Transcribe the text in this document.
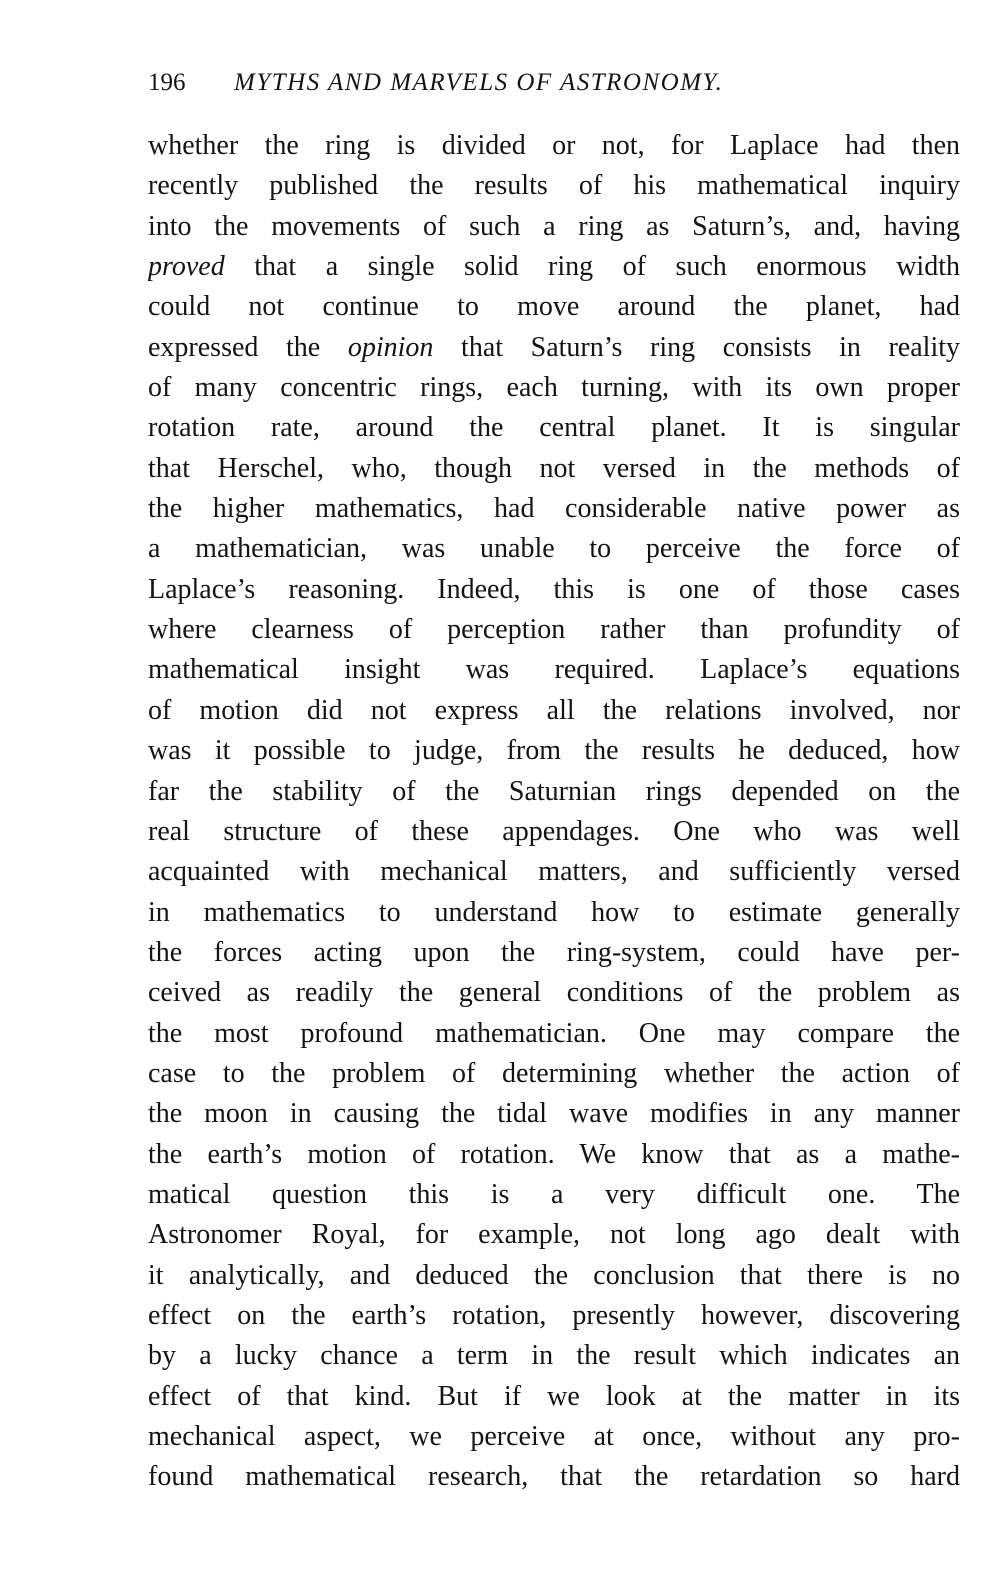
196 MYTHS AND MARVELS OF ASTRONOMY.
whether the ring is divided or not, for Laplace had then
recently published the results of his mathematical inquiry
into the movements of such a ring as Saturn’s, and, having
proved that a single solid ring of such enormous width
could not continue to move around the planet, had
expressed the opinion that Saturn’s ring consists in reality
of many concentric rings, each turning, with its own proper
rotation rate, around the central planet. It is singular
that Herschel, who, though not versed in the methods of
the higher mathematics, had considerable native power as
a mathematician, was unable to perceive the force of
Laplace’s reasoning. Indeed, this is one of those cases
where clearness of perception rather than profundity of
mathematical insight was required. Laplace’s equations
of motion did not express all the relations involved, nor
was it possible to judge, from the results he deduced, how
far the stability of the Saturnian rings depended on the
real structure of these appendages. One who was well
acquainted with mechanical matters, and sufficiently versed
in mathematics to understand how to estimate generally
the forces acting upon the ring-system, could have per-
ceived as readily the general conditions of the problem as
the most profound mathematician. One may compare the
case to the problem of determining whether the action of
the moon in causing the tidal wave modifies in any manner
the earth’s motion of rotation. We know that as a mathe-
matical question this is a very difficult one. The
Astronomer Royal, for example, not long ago dealt with
it analytically, and deduced the conclusion that there is no
effect on the earth’s rotation, presently however, discovering
by a lucky chance a term in the result which indicates an
effect of that kind. But if we look at the matter in its
mechanical aspect, we perceive at once, without any pro-
found mathematical research, that the retardation so hard
